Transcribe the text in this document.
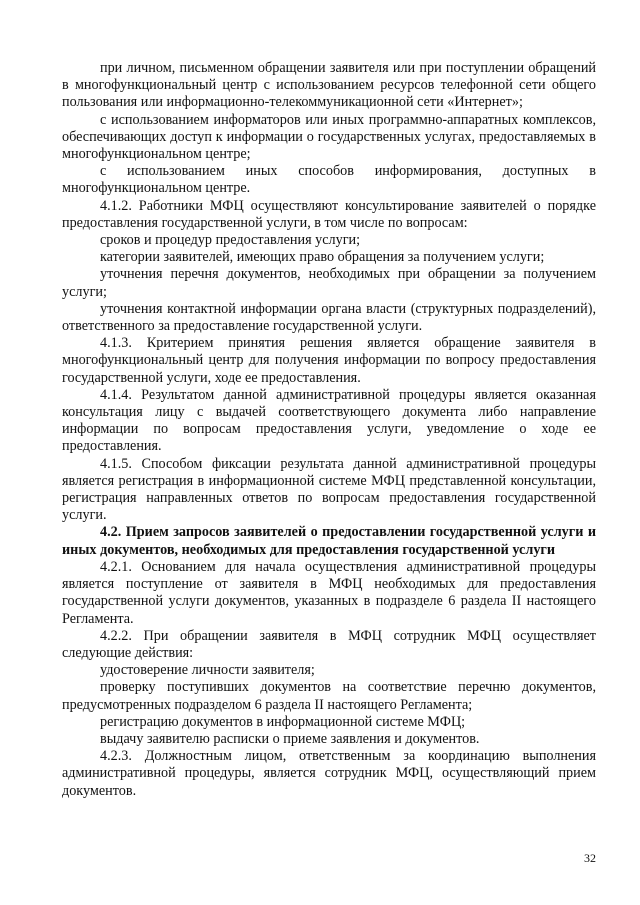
при личном, письменном обращении заявителя или при поступлении обращений в многофункциональный центр с использованием ресурсов телефонной сети общего пользования или информационно-телекоммуникационной сети «Интернет»;

с использованием информаторов или иных программно-аппаратных комплексов, обеспечивающих доступ к информации о государственных услугах, предоставляемых в многофункциональном центре;

с использованием иных способов информирования, доступных в многофункциональном центре.

4.1.2. Работники МФЦ осуществляют консультирование заявителей о порядке предоставления государственной услуги, в том числе по вопросам:

сроков и процедур предоставления услуги;

категории заявителей, имеющих право обращения за получением услуги;

уточнения перечня документов, необходимых при обращении за получением услуги;

уточнения контактной информации органа власти (структурных подразделений), ответственного за предоставление государственной услуги.

4.1.3. Критерием принятия решения является обращение заявителя в многофункциональный центр для получения информации по вопросу предоставления государственной услуги, ходе ее предоставления.

4.1.4. Результатом данной административной процедуры является оказанная консультация лицу с выдачей соответствующего документа либо направление информации по вопросам предоставления услуги, уведомление о ходе ее предоставления.

4.1.5. Способом фиксации результата данной административной процедуры является регистрация в информационной системе МФЦ представленной консультации, регистрация направленных ответов по вопросам предоставления государственной услуги.

4.2. Прием запросов заявителей о предоставлении государственной услуги и иных документов, необходимых для предоставления государственной услуги

4.2.1. Основанием для начала осуществления административной процедуры является поступление от заявителя в МФЦ необходимых для предоставления государственной услуги документов, указанных в подразделе 6 раздела II настоящего Регламента.

4.2.2. При обращении заявителя в МФЦ сотрудник МФЦ осуществляет следующие действия:

удостоверение личности заявителя;

проверку поступивших документов на соответствие перечню документов, предусмотренных подразделом 6 раздела II настоящего Регламента;

регистрацию документов в информационной системе МФЦ;

выдачу заявителю расписки о приеме заявления и документов.

4.2.3. Должностным лицом, ответственным за координацию выполнения административной процедуры, является сотрудник МФЦ, осуществляющий прием документов.

32
